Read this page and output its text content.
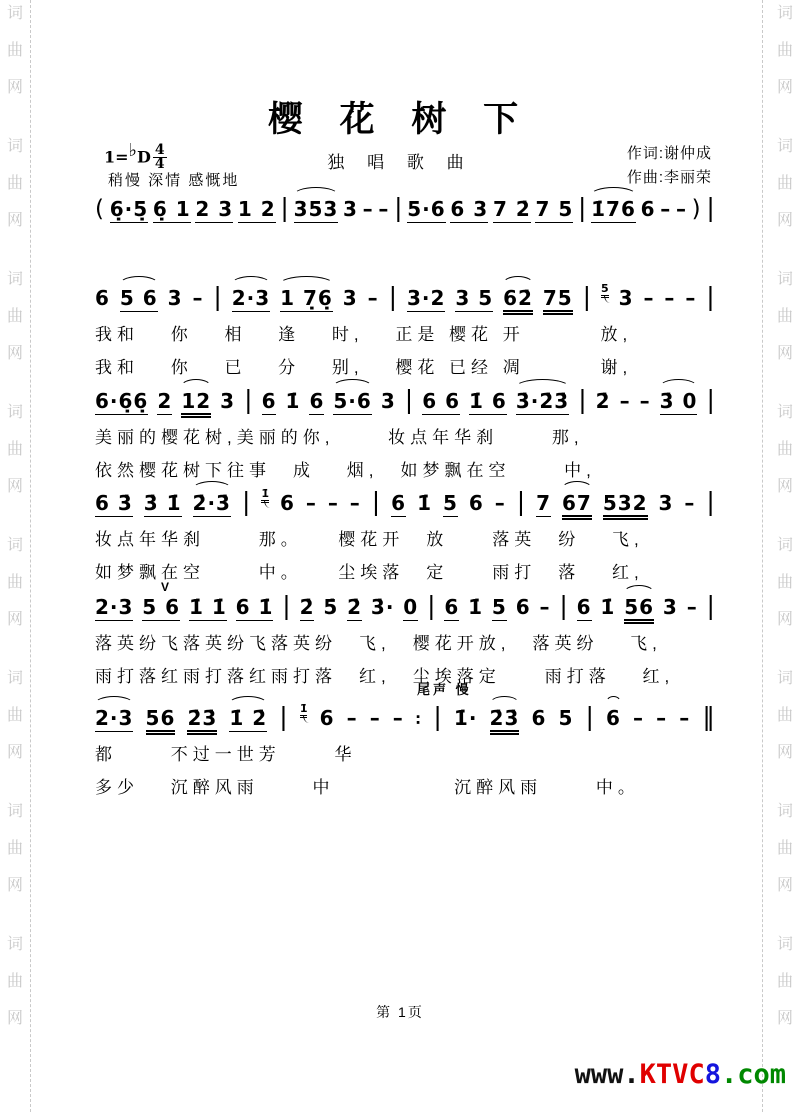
词
曲
网
词
曲
网
词
曲
网
词
曲
网
词
曲
网
词
曲
网
词
曲
网
词
曲
网
词
曲
网
词
曲
网
词
曲
网
词
曲
网
词
曲
网
词
曲
网
词
曲
网
词
曲
网
樱 花 树 下
独 唱 歌 曲
1=♭D $\frac{4}{4}$
稍慢 深情 感慨地
作词:谢仲成
作曲:李丽荣
( 6̣·5̣ 6̣ 1 2 3 1 2 | 353 3 – – | 5·6 6 3 7 2̇ 7 5 | 1̇76 6 – – ) |
6 5 6 3 – | 2·3 1 7̣6̣ 3 – | 3·2 3 5 62̇ 75 | 5 3 – – – |
我和　 你　 相　 逢　 时,　 正是 樱花 开　　　 放,
我和　 你　 已　 分　 别,　 樱花 已经 凋　　　 谢,
6·6̣6̣ 2 12 3 | 6 1̇ 6 5·6 3 | 6 6 1̇ 6 3̇·2̇3̇ | 2̇ – – 3̇ 0 |
美丽的樱花树,美丽的你,　　 妆点年华刹　　 那,
依然樱花树下往事　成　 烟,　如梦飘在空　　 中,
6 3̇ 3̇ 1̇ 2̇·3̇ | 1̇ 6 – – – | 6 1̇ 5 6 – | 7 67 532 3 – |
妆点年华刹　　 那。　　樱花开　放　　落英　纷　 飞,
如梦飘在空　　 中。　　尘埃落　定　　雨打　落　 红,
V
2·3 5 6 1̇ 1̇ 6 1̇ | 2̇ 5̇ 2̇ 3̇· 0 | 6 1̇ 5 6 – | 6 1̇ 56 3 – |
落英纷飞落英纷飞落英纷　飞,　樱花开放,　落英纷　 飞,
雨打落红雨打落红雨打落　红,　尘埃落定　　雨打落　 红,
尾声 慢
2·3 56 2̇3̇ 1̇ 2̇ | 1̇ 6 – – – ∶ | 1̇· 2̇3̇ 6 5 | 6 – – – ‖
都　　 不过一世芳　　 华
多少　 沉醉风雨　　 中　　　　　 沉醉风雨　　 中。
第 1页
www.KTVC8.com
